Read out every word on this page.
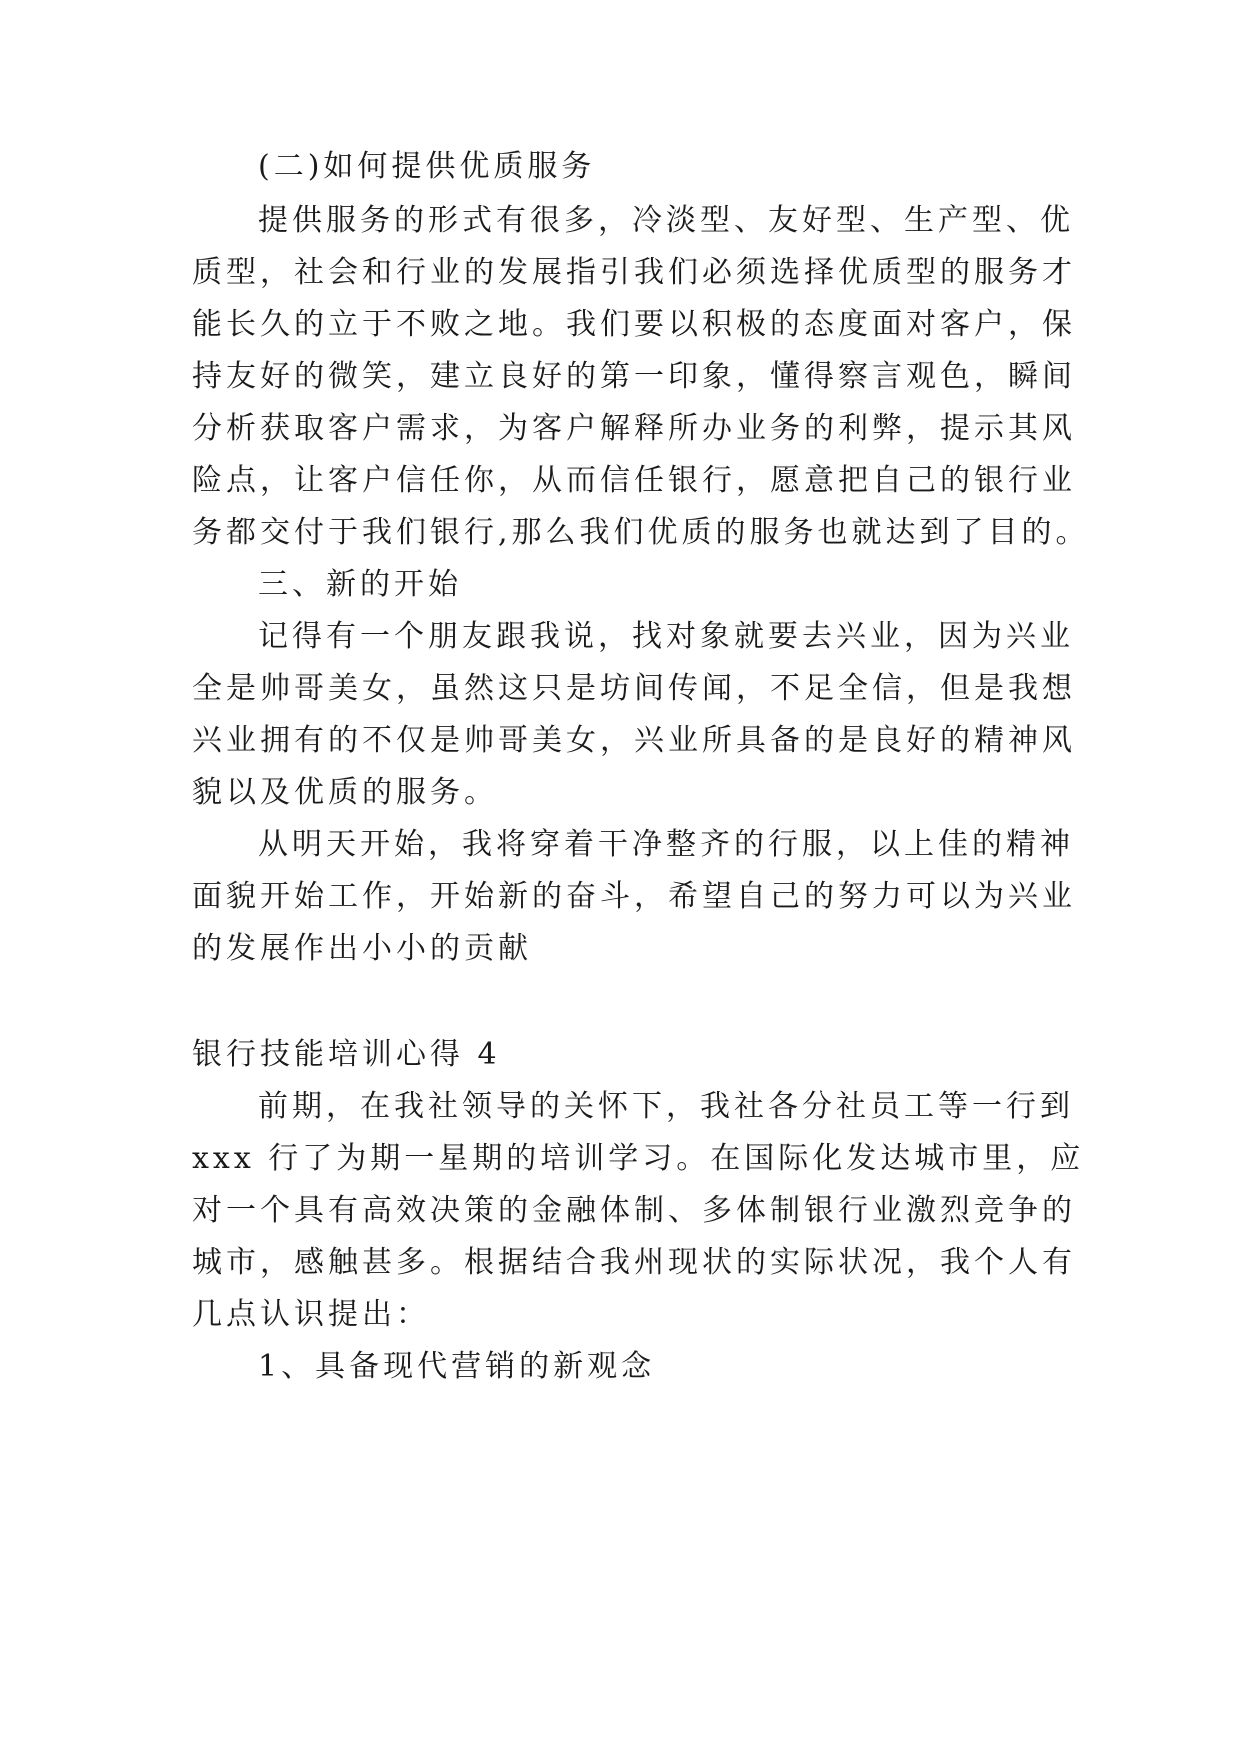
(二)如何提供优质服务
提供服务的形式有很多，冷淡型、友好型、生产型、优
质型，社会和行业的发展指引我们必须选择优质型的服务才
能长久的立于不败之地。我们要以积极的态度面对客户，保
持友好的微笑，建立良好的第一印象，懂得察言观色，瞬间
分析获取客户需求，为客户解释所办业务的利弊，提示其风
险点，让客户信任你，从而信任银行，愿意把自己的银行业
务都交付于我们银行,那么我们优质的服务也就达到了目的。
三、新的开始
记得有一个朋友跟我说，找对象就要去兴业，因为兴业
全是帅哥美女，虽然这只是坊间传闻，不足全信，但是我想
兴业拥有的不仅是帅哥美女，兴业所具备的是良好的精神风
貌以及优质的服务。
从明天开始，我将穿着干净整齐的行服，以上佳的精神
面貌开始工作，开始新的奋斗，希望自己的努力可以为兴业
的发展作出小小的贡献
银行技能培训心得 4
前期，在我社领导的关怀下，我社各分社员工等一行到
xxx 行了为期一星期的培训学习。在国际化发达城市里，应
对一个具有高效决策的金融体制、多体制银行业激烈竞争的
城市，感触甚多。根据结合我州现状的实际状况，我个人有
几点认识提出：
1、具备现代营销的新观念
